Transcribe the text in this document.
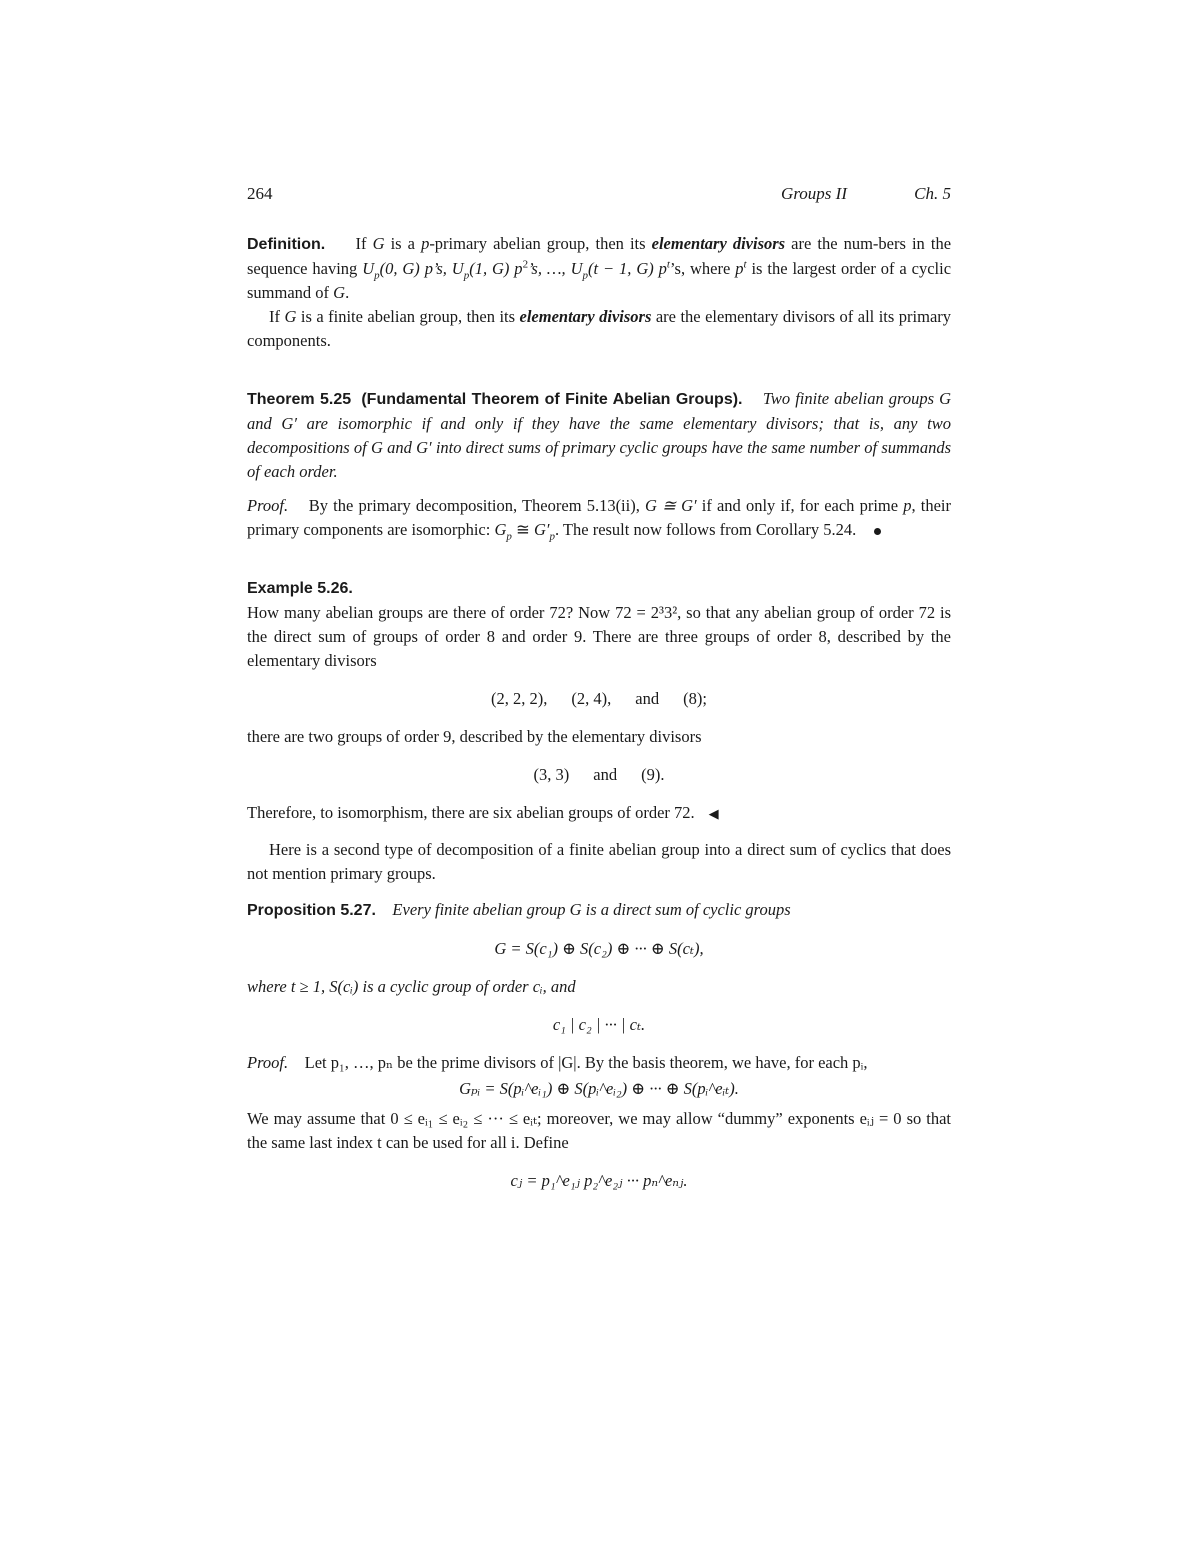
264	Groups II	Ch. 5

Definition. If G is a p-primary abelian group, then its elementary divisors are the num-bers in the sequence having $U_p(0$, G) p’s, $U_p(1$, G) $p^2’s$, …, $U_p(t - 1$, G) $p^t’s$, where $p^t$ is the largest order of a cyclic summand of G.

If G is a finite abelian group, then its elementary divisors are the elementary divisors of all its primary components.

Theorem 5.25 (Fundamental Theorem of Finite Abelian Groups). Two finite abelian groups G and G′ are isomorphic if and only if they have the same elementary divisors; that is, any two decompositions of G and G′ into direct sums of primary cyclic groups have the same number of summands of each order.

Proof. By the primary decomposition, Theorem 5.13(ii), G ≅ G′ if and only if, for each prime p, their primary components are isomorphic: $G_p$ ≅ $G'_p$. The result now follows from Corollary 5.24.

Example 5.26.

How many abelian groups are there of order 72? Now 72 = 2³3², so that any abelian group of order 72 is the direct sum of groups of order 8 and order 9. There are three groups of order 8, described by the elementary divisors

(2, 2, 2), (2, 4), and (8);

there are two groups of order 9, described by the elementary divisors

(3, 3) and (9).

Therefore, to isomorphism, there are six abelian groups of order 72. ◀

Here is a second type of decomposition of a finite abelian group into a direct sum of cyclics that does not mention primary groups.

Proposition 5.27. Every finite abelian group G is a direct sum of cyclic groups

G = S(c₁) ⊕ S(c₂) ⊕ ··· ⊕ S(cₜ),

where t ≥ 1, S(cᵢ) is a cyclic group of order cᵢ, and

c₁ | c₂ | ··· | cₜ.

Proof. Let p₁, …, pₙ be the prime divisors of |G|. By the basis theorem, we have, for each pᵢ,

Gₚᵢ = S(pᵢ^eᵢ₁) ⊕ S(pᵢ^eᵢ₂) ⊕ ··· ⊕ S(pᵢ^eᵢₜ).

We may assume that 0 ≤ eᵢ₁ ≤ eᵢ₂ ≤ ··· ≤ eᵢₜ; moreover, we may allow “dummy” exponents eᵢⱼ = 0 so that the same last index t can be used for all i. Define

cⱼ = p₁^e₁ⱼ p₂^e₂ⱼ ··· pₙ^eₙⱼ.
